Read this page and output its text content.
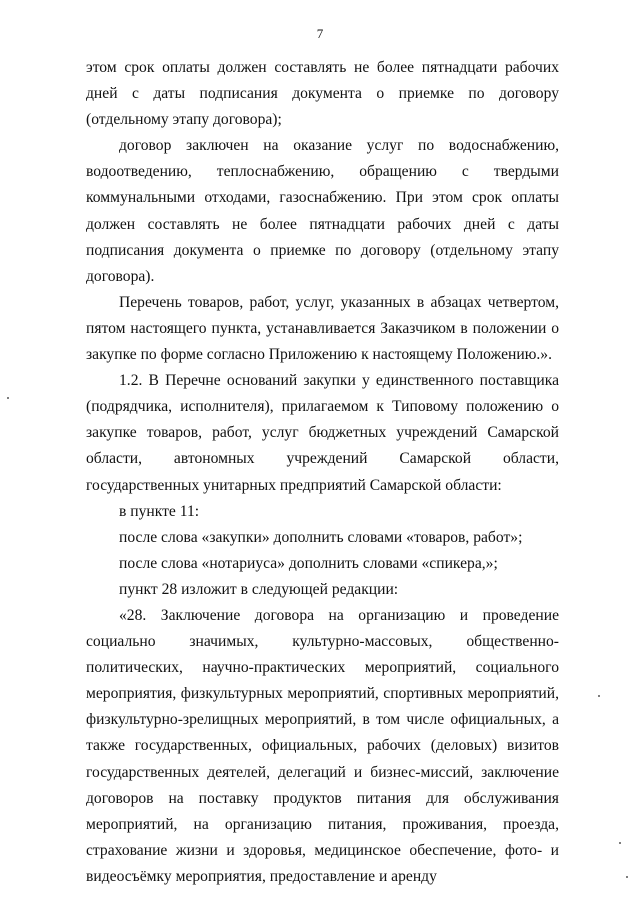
7

этом срок оплаты должен составлять не более пятнадцати рабочих дней с даты подписания документа о приемке по договору (отдельному этапу договора);

договор заключен на оказание услуг по водоснабжению, водоотведению, теплоснабжению, обращению с твердыми коммунальными отходами, газоснабжению. При этом срок оплаты должен составлять не более пятнадцати рабочих дней с даты подписания документа о приемке по договору (отдельному этапу договора).

Перечень товаров, работ, услуг, указанных в абзацах четвертом, пятом настоящего пункта, устанавливается Заказчиком в положении о закупке по форме согласно Приложению к настоящему Положению.».

1.2. В Перечне оснований закупки у единственного поставщика (подрядчика, исполнителя), прилагаемом к Типовому положению о закупке товаров, работ, услуг бюджетных учреждений Самарской области, автономных учреждений Самарской области, государственных унитарных предприятий Самарской области:

в пункте 11:

после слова «закупки» дополнить словами «товаров, работ»;

после слова «нотариуса» дополнить словами «спикера,»;

пункт 28 изложит в следующей редакции:

«28. Заключение договора на организацию и проведение социально значимых, культурно-массовых, общественно-политических, научно-практических мероприятий, социального мероприятия, физкультурных мероприятий, спортивных мероприятий, физкультурно-зрелищных мероприятий, в том числе официальных, а также государственных, официальных, рабочих (деловых) визитов государственных деятелей, делегаций и бизнес-миссий, заключение договоров на поставку продуктов питания для обслуживания мероприятий, на организацию питания, проживания, проезда, страхование жизни и здоровья, медицинское обеспечение, фото- и видеосъёмку мероприятия, предоставление и аренду
